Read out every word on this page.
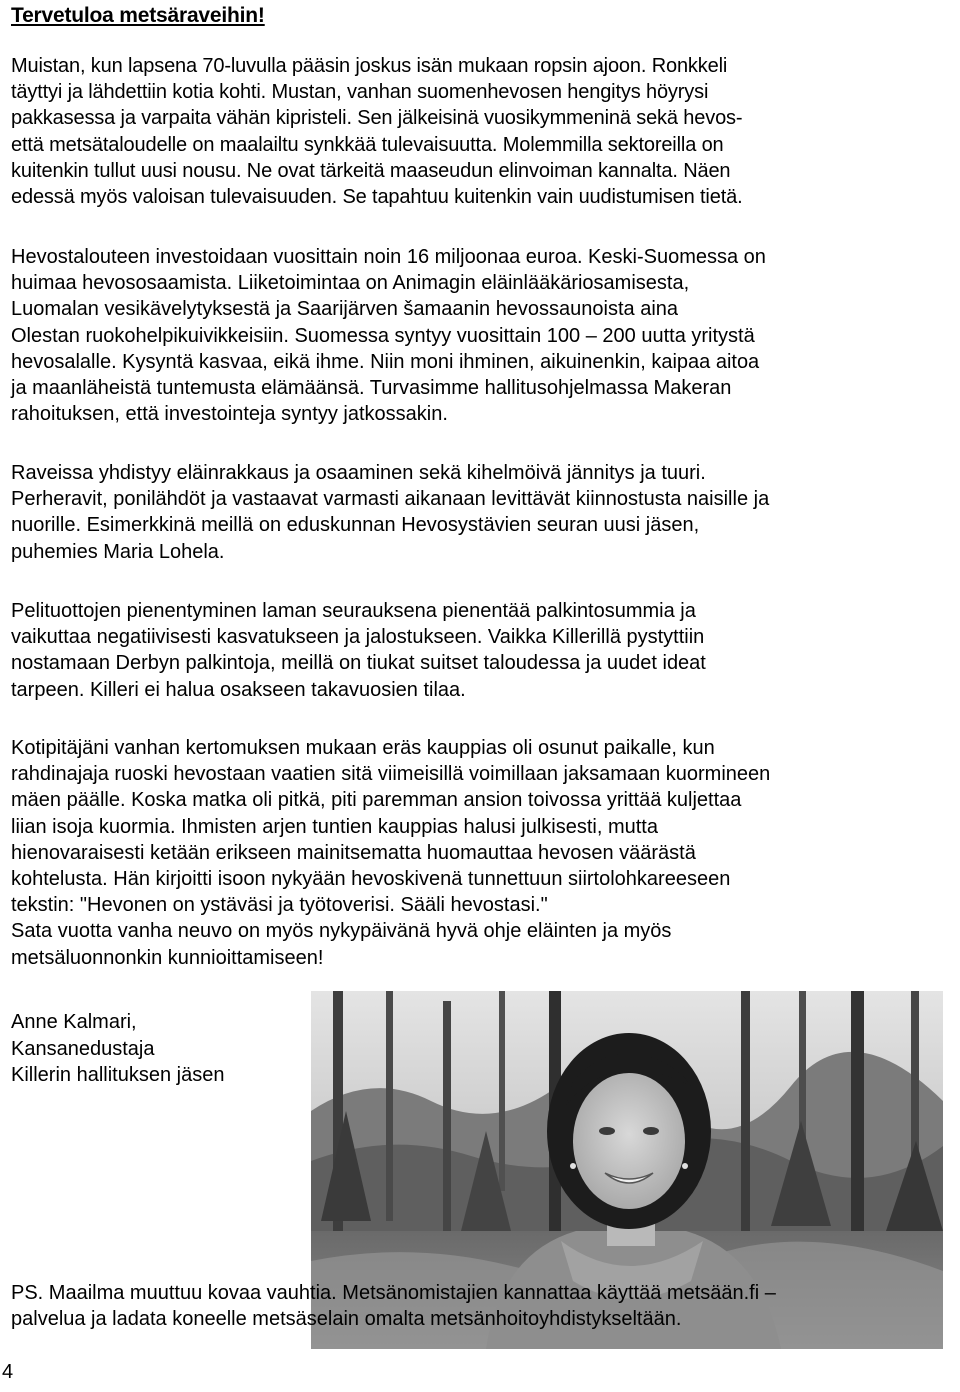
Tervetuloa metsäraveihin!

Muistan, kun lapsena 70-luvulla pääsin joskus isän mukaan ropsin ajoon. Ronkkeli
täyttyi ja lähdettiin kotia kohti. Mustan, vanhan suomenhevosen hengitys höyrysi
pakkasessa ja varpaita vähän kipristeli. Sen jälkeisinä vuosikymmeninä sekä hevos-
että metsätaloudelle on maalailtu synkkää tulevaisuutta. Molemmilla sektoreilla on
kuitenkin tullut uusi nousu. Ne ovat tärkeitä maaseudun elinvoiman kannalta. Näen
edessä myös valoisan tulevaisuuden. Se tapahtuu kuitenkin vain uudistumisen tietä.

Hevostalouteen investoidaan vuosittain noin 16 miljoonaa euroa. Keski-Suomessa on
huimaa hevososaamista. Liiketoimintaa on Animagin eläinlääkäriosamisesta,
Luomalan vesikävelytyksestä ja Saarijärven šamaanin hevossaunoista aina
Olestan ruokohelpikuivikkeisiin. Suomessa syntyy vuosittain 100 – 200 uutta yritystä
hevosalalle. Kysyntä kasvaa, eikä ihme. Niin moni ihminen, aikuinenkin, kaipaa aitoa
ja maanläheistä tuntemusta elämäänsä. Turvasimme hallitusohjelmassa Makeran
rahoituksen, että investointeja syntyy jatkossakin.

Raveissa yhdistyy eläinrakkaus ja osaaminen sekä kihelmöivä jännitys ja tuuri.
Perheravit, ponilähdöt ja vastaavat varmasti aikanaan levittävät kiinnostusta naisille ja
nuorille. Esimerkkinä meillä on eduskunnan Hevosystävien seuran uusi jäsen,
puhemies Maria Lohela.

Pelituottojen pienentyminen laman seurauksena pienentää palkintosummia ja
vaikuttaa negatiivisesti kasvatukseen ja jalostukseen. Vaikka Killerillä pystyttiin
nostamaan Derbyn palkintoja, meillä on tiukat suitset taloudessa ja uudet ideat
tarpeen. Killeri ei halua osakseen takavuosien tilaa.

Kotipitäjäni vanhan kertomuksen mukaan eräs kauppias oli osunut paikalle, kun
rahdinajaja ruoski hevostaan vaatien sitä viimeisillä voimillaan jaksamaan kuormineen
mäen päälle. Koska matka oli pitkä, piti paremman ansion toivossa yrittää kuljettaa
liian isoja kuormia. Ihmisten arjen tuntien kauppias halusi julkisesti, mutta
hienovaraisesti ketään erikseen mainitsematta huomauttaa hevosen väärästä
kohtelusta. Hän kirjoitti isoon nykyään hevoskivenä tunnettuun siirtolohkareeseen
tekstin: "Hevonen on ystäväsi ja työtoverisi. Sääli hevostasi."
Sata vuotta vanha neuvo on myös nykypäivänä hyvä ohje eläinten ja myös
metsäluonnonkin kunnioittamiseen!

Anne Kalmari,
Kansanedustaja
Killerin hallituksen jäsen

PS. Maailma muuttuu kovaa vauhtia. Metsänomistajien kannattaa käyttää metsään.fi –
palvelua ja ladata koneelle metsäselain omalta metsänhoitoyhdistykseltään.

4
